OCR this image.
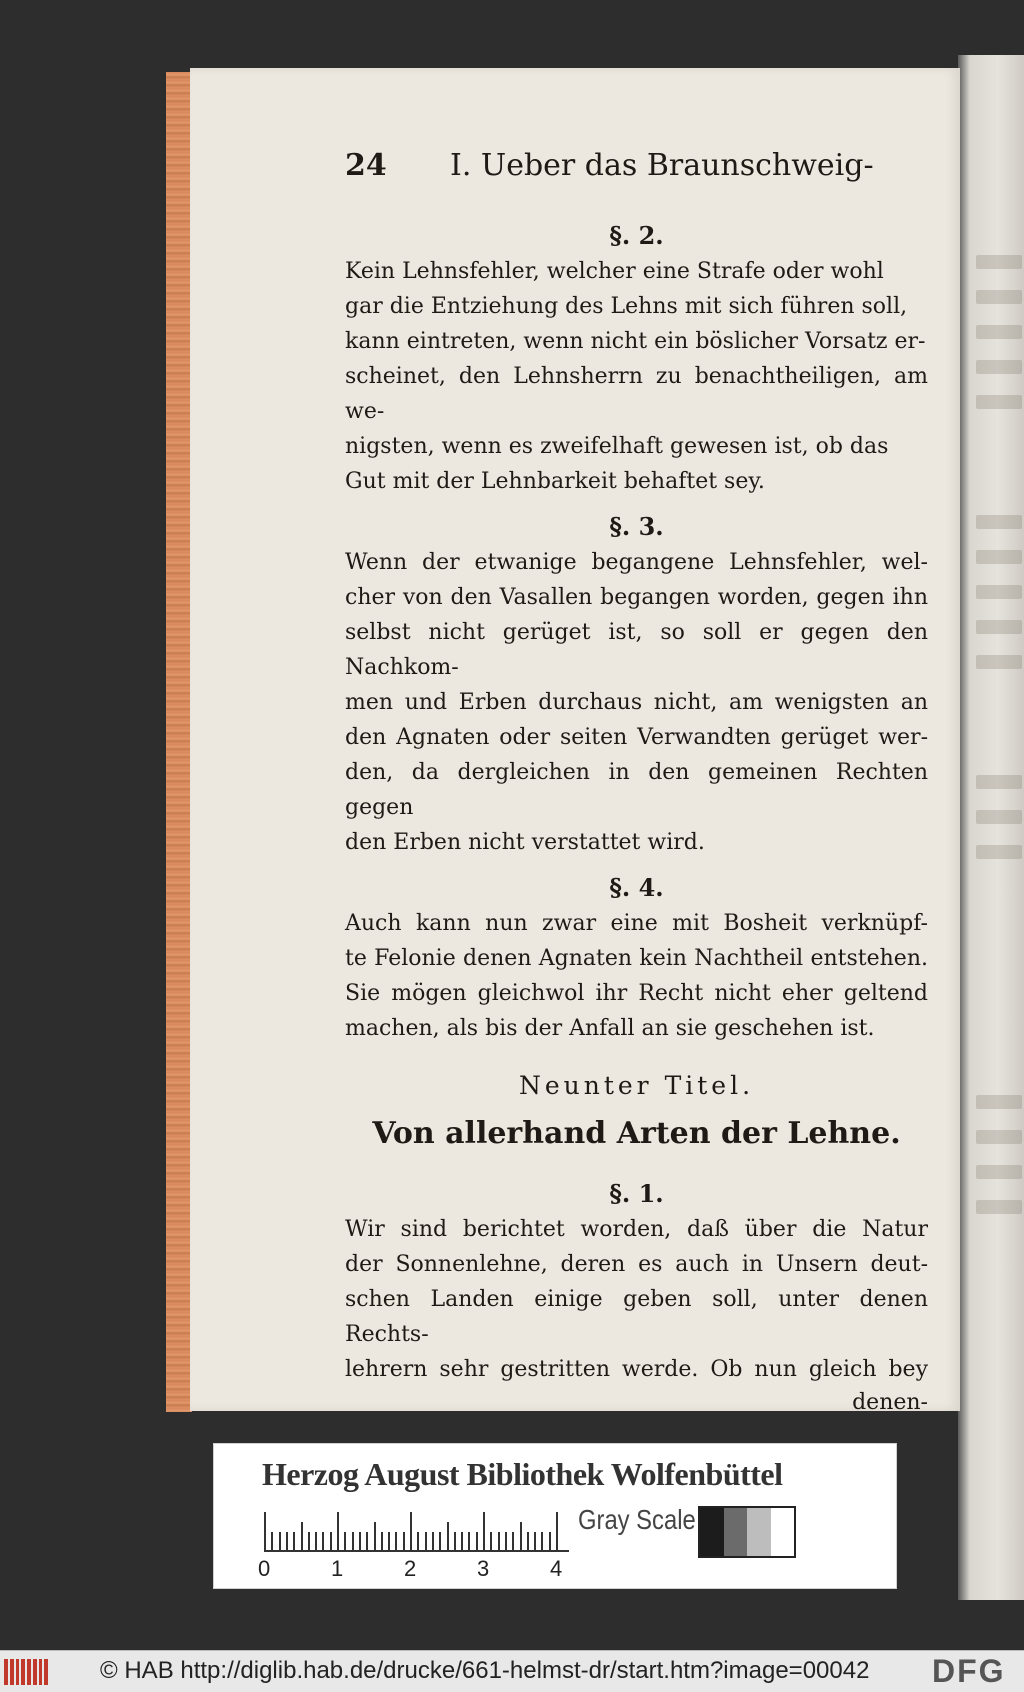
24 I. Ueber das Braunschweig-

§. 2.

Kein Lehnsfehler, welcher eine Strafe oder wohl
gar die Entziehung des Lehns mit sich führen soll,
kann eintreten, wenn nicht ein böslicher Vorsatz er-
scheinet, den Lehnsherrn zu benachtheiligen, am we-
nigsten, wenn es zweifelhaft gewesen ist, ob das
Gut mit der Lehnbarkeit behaftet sey.

§. 3.

Wenn der etwanige begangene Lehnsfehler, wel-
cher von den Vasallen begangen worden, gegen ihn
selbst nicht gerüget ist, so soll er gegen den Nachkom-
men und Erben durchaus nicht, am wenigsten an
den Agnaten oder seiten Verwandten gerüget wer-
den, da dergleichen in den gemeinen Rechten gegen
den Erben nicht verstattet wird.

§. 4.

Auch kann nun zwar eine mit Bosheit verknüpf-
te Felonie denen Agnaten kein Nachtheil entstehen.
Sie mögen gleichwol ihr Recht nicht eher geltend
machen, als bis der Anfall an sie geschehen ist.
Neunter Titel.
Von allerhand Arten der Lehne.

§. 1.

Wir sind berichtet worden, daß über die Natur
der Sonnenlehne, deren es auch in Unsern deut-
schen Landen einige geben soll, unter denen Rechts-
lehrern sehr gestritten werde. Ob nun gleich bey

denen-

Herzog August Bibliothek Wolfenbüttel
0	1	2	3	4
Gray Scale
© HAB http://diglib.hab.de/drucke/661-helmst-dr/start.htm?image=00042 DFG
